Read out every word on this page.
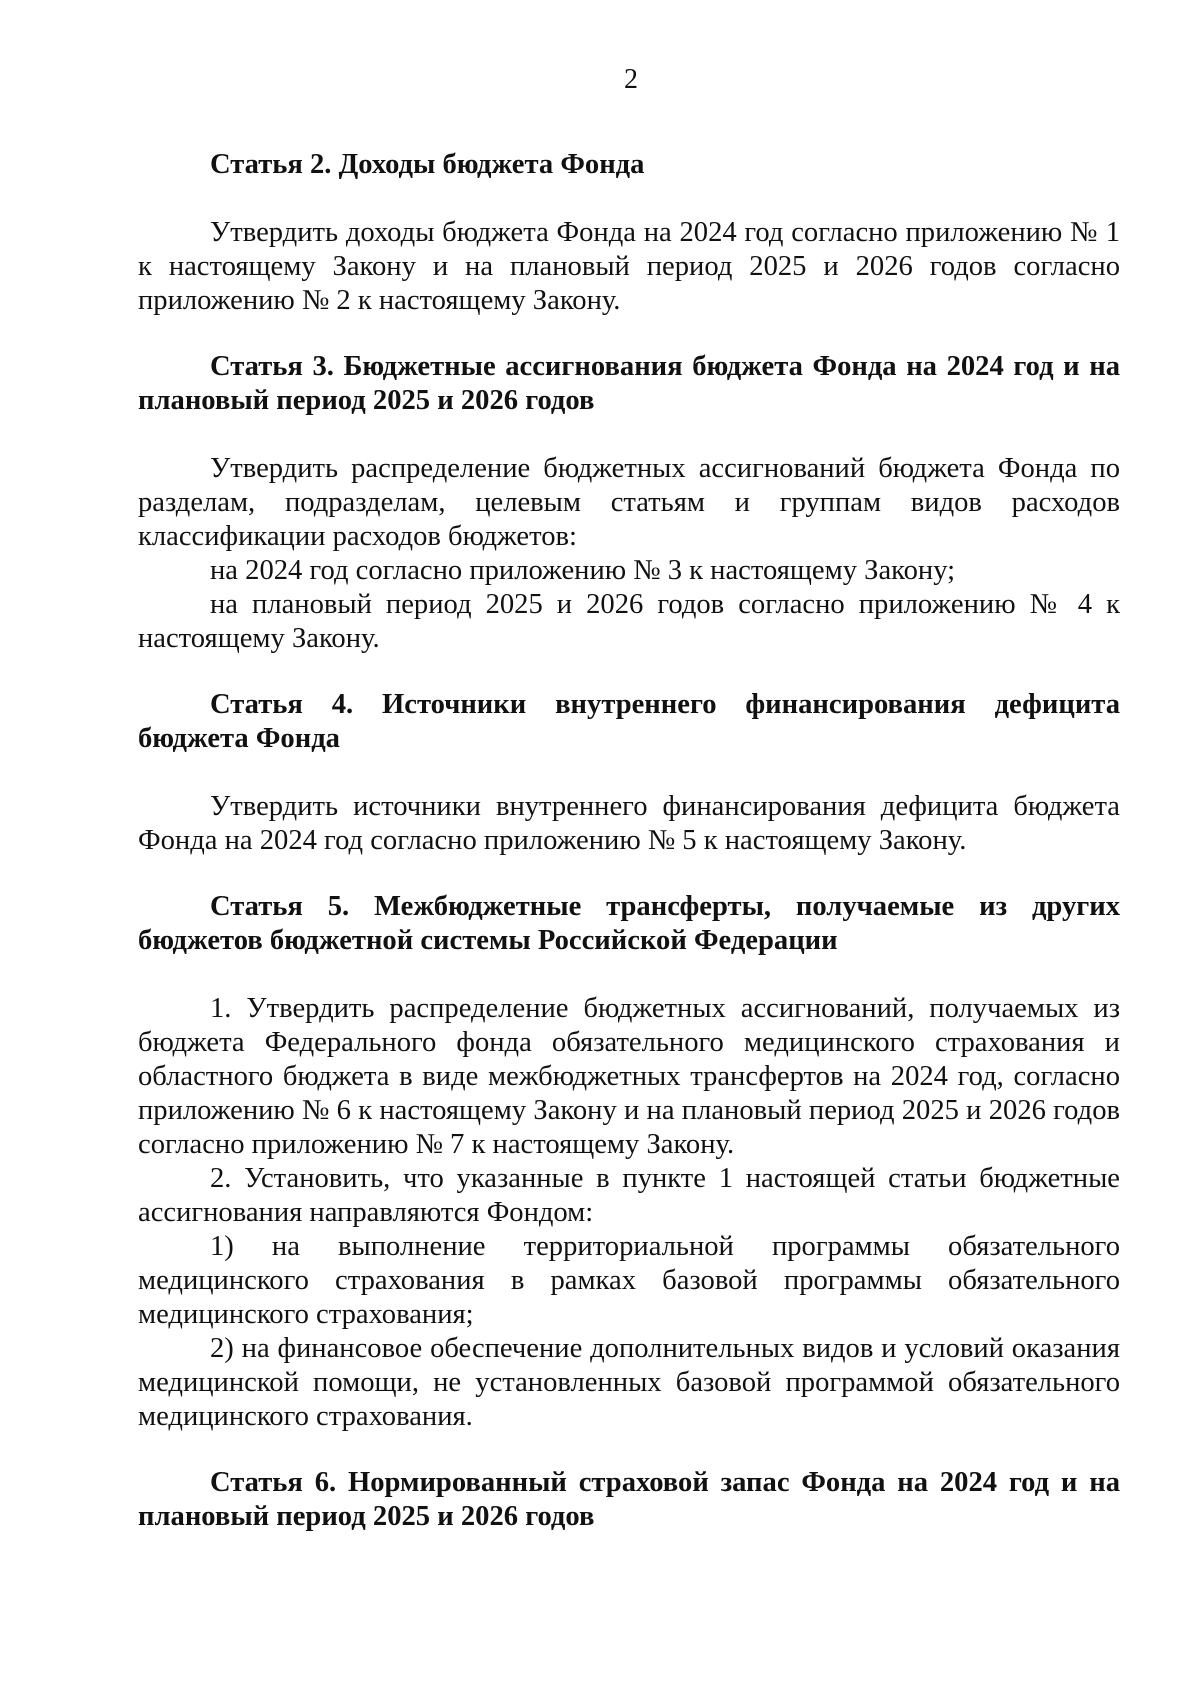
2

Статья 2. Доходы бюджета Фонда

Утвердить доходы бюджета Фонда на 2024 год согласно приложению № 1 к настоящему Закону и на плановый период 2025 и 2026 годов согласно приложению № 2 к настоящему Закону.

Статья 3. Бюджетные ассигнования бюджета Фонда на 2024 год и на плановый период 2025 и 2026 годов

Утвердить распределение бюджетных ассигнований бюджета Фонда по разделам, подразделам, целевым статьям и группам видов расходов классификации расходов бюджетов:

на 2024 год согласно приложению № 3 к настоящему Закону;

на плановый период 2025 и 2026 годов согласно приложению № 4 к настоящему Закону.

Статья 4. Источники внутреннего финансирования дефицита бюджета Фонда

Утвердить источники внутреннего финансирования дефицита бюджета Фонда на 2024 год согласно приложению № 5 к настоящему Закону.

Статья 5. Межбюджетные трансферты, получаемые из других бюджетов бюджетной системы Российской Федерации

1. Утвердить распределение бюджетных ассигнований, получаемых из бюджета Федерального фонда обязательного медицинского страхования и областного бюджета в виде межбюджетных трансфертов на 2024 год, согласно приложению № 6 к настоящему Закону и на плановый период 2025 и 2026 годов согласно приложению № 7 к настоящему Закону.

2. Установить, что указанные в пункте 1 настоящей статьи бюджетные ассигнования направляются Фондом:

1) на выполнение территориальной программы обязательного медицинского страхования в рамках базовой программы обязательного медицинского страхования;

2) на финансовое обеспечение дополнительных видов и условий оказания медицинской помощи, не установленных базовой программой обязательного медицинского страхования.

Статья 6. Нормированный страховой запас Фонда на 2024 год и на плановый период 2025 и 2026 годов
